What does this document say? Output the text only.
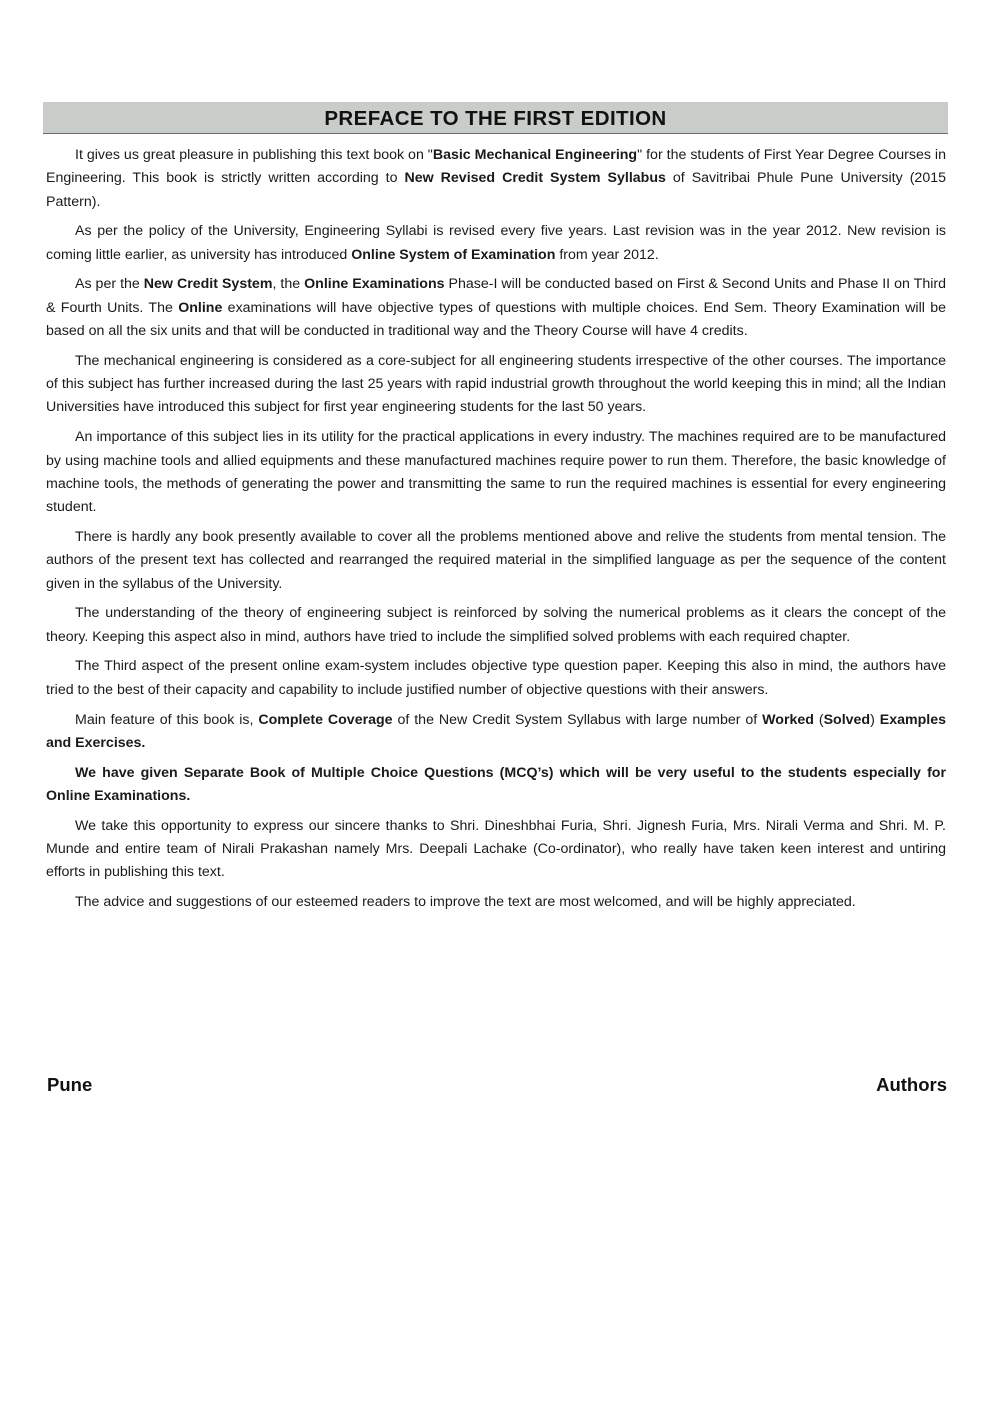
PREFACE TO THE FIRST EDITION

It gives us great pleasure in publishing this text book on "Basic Mechanical Engineering" for the students of First Year Degree Courses in Engineering. This book is strictly written according to New Revised Credit System Syllabus of Savitribai Phule Pune University (2015 Pattern).

As per the policy of the University, Engineering Syllabi is revised every five years. Last revision was in the year 2012. New revision is coming little earlier, as university has introduced Online System of Examination from year 2012.

As per the New Credit System, the Online Examinations Phase-I will be conducted based on First & Second Units and Phase II on Third & Fourth Units. The Online examinations will have objective types of questions with multiple choices. End Sem. Theory Examination will be based on all the six units and that will be conducted in traditional way and the Theory Course will have 4 credits.

The mechanical engineering is considered as a core-subject for all engineering students irrespective of the other courses. The importance of this subject has further increased during the last 25 years with rapid industrial growth throughout the world keeping this in mind; all the Indian Universities have introduced this subject for first year engineering students for the last 50 years.

An importance of this subject lies in its utility for the practical applications in every industry. The machines required are to be manufactured by using machine tools and allied equipments and these manufactured machines require power to run them. Therefore, the basic knowledge of machine tools, the methods of generating the power and transmitting the same to run the required machines is essential for every engineering student.

There is hardly any book presently available to cover all the problems mentioned above and relive the students from mental tension. The authors of the present text has collected and rearranged the required material in the simplified language as per the sequence of the content given in the syllabus of the University.

The understanding of the theory of engineering subject is reinforced by solving the numerical problems as it clears the concept of the theory. Keeping this aspect also in mind, authors have tried to include the simplified solved problems with each required chapter.

The Third aspect of the present online exam-system includes objective type question paper. Keeping this also in mind, the authors have tried to the best of their capacity and capability to include justified number of objective questions with their answers.

Main feature of this book is, Complete Coverage of the New Credit System Syllabus with large number of Worked (Solved) Examples and Exercises.

We have given Separate Book of Multiple Choice Questions (MCQ’s) which will be very useful to the students especially for Online Examinations.

We take this opportunity to express our sincere thanks to Shri. Dineshbhai Furia, Shri. Jignesh Furia, Mrs. Nirali Verma and Shri. M. P. Munde and entire team of Nirali Prakashan namely Mrs. Deepali Lachake (Co-ordinator), who really have taken keen interest and untiring efforts in publishing this text.

The advice and suggestions of our esteemed readers to improve the text are most welcomed, and will be highly appreciated.

Pune	Authors
